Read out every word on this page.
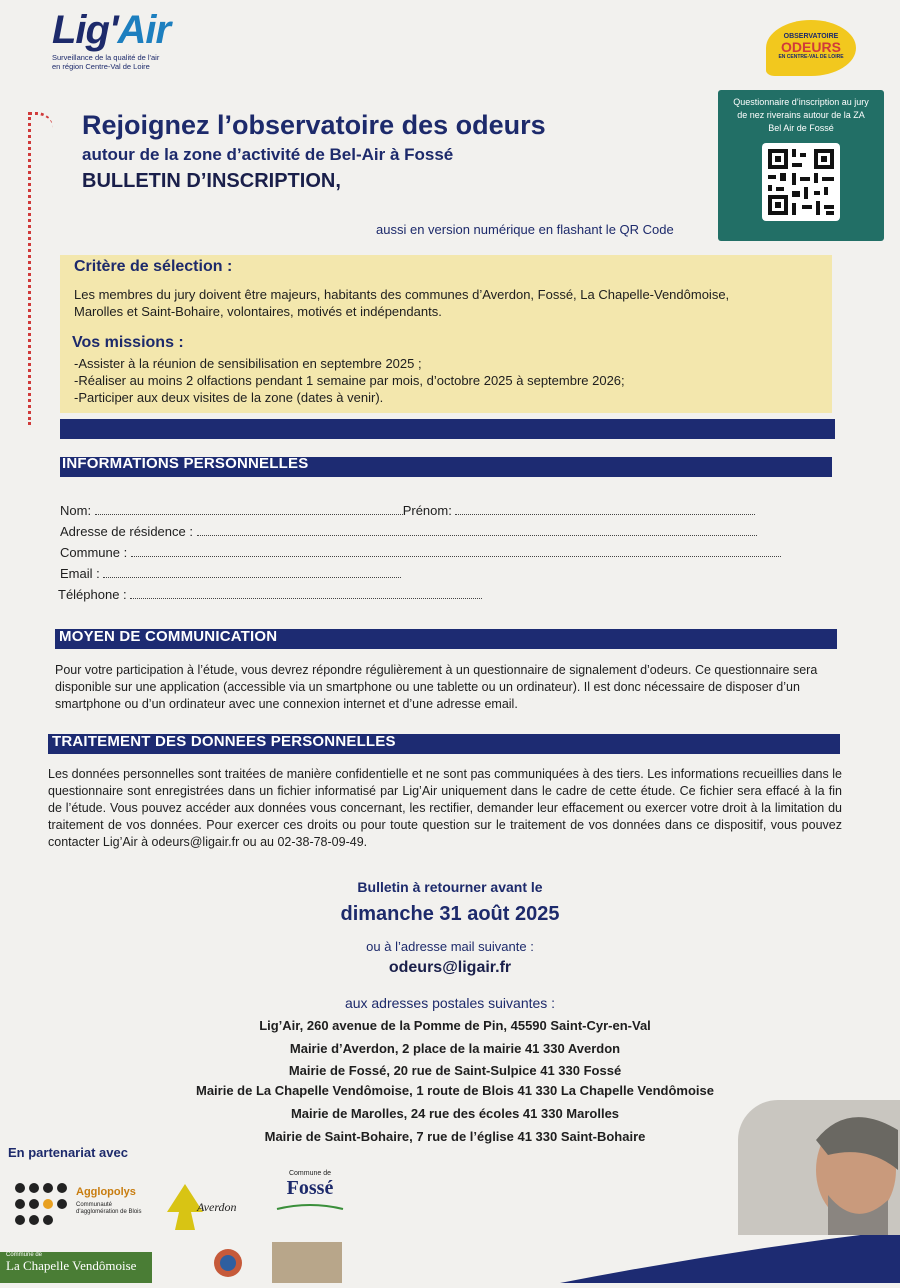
Lig'Air
Surveillance de la qualité de l'air
en région Centre-Val de Loire
OBSERVATOIRE
ODEURS
EN CENTRE-VAL DE LOIRE
Rejoignez l’observatoire des odeurs
autour de la zone d’activité de Bel-Air à Fossé
BULLETIN D’INSCRIPTION,
aussi en version numérique en flashant le QR Code
Questionnaire d’inscription au jury
de nez riverains autour de la ZA
Bel Air de Fossé
Critère de sélection :
Les membres du jury doivent être majeurs, habitants des communes d’Averdon, Fossé, La Chapelle-Vendômoise, Marolles et Saint-Bohaire, volontaires, motivés et indépendants.
Vos missions :
-Assister à la réunion de sensibilisation en septembre 2025 ;
-Réaliser au moins 2 olfactions pendant 1 semaine par mois, d’octobre 2025 à septembre 2026;
-Participer aux deux visites de la zone (dates à venir).
INFORMATIONS PERSONNELLES
Nom:	Prénom:
Adresse de résidence :
Commune :
Email :
Téléphone :
MOYEN DE COMMUNICATION
Pour votre participation à l’étude, vous devrez répondre régulièrement à un questionnaire de signalement d’odeurs. Ce questionnaire sera disponible sur une application (accessible via un smartphone ou une tablette ou un ordinateur). Il est donc nécessaire de disposer d’un smartphone ou d’un ordinateur avec une connexion internet et d’une adresse email.
TRAITEMENT DES DONNEES PERSONNELLES
Les données personnelles sont traitées de manière confidentielle et ne sont pas communiquées à des tiers. Les informations recueillies dans le questionnaire sont enregistrées dans un fichier informatisé par Lig’Air uniquement dans le cadre de cette étude. Ce fichier sera effacé à la fin de l’étude. Vous pouvez accéder aux données vous concernant, les rectifier, demander leur effacement ou exercer votre droit à la limitation du traitement de vos données. Pour exercer ces droits ou pour toute question sur le traitement de vos données dans ce dispositif, vous pouvez contacter Lig’Air à odeurs@ligair.fr ou au 02-38-78-09-49.
Bulletin à retourner avant le
dimanche 31 août 2025
ou à l’adresse mail suivante :
odeurs@ligair.fr
aux adresses postales suivantes :
Lig’Air, 260 avenue de la Pomme de Pin, 45590 Saint-Cyr-en-Val
Mairie d’Averdon, 2 place de la mairie 41 330 Averdon
Mairie de Fossé, 20 rue de Saint-Sulpice 41 330 Fossé
Mairie de La Chapelle Vendômoise, 1 route de Blois 41 330 La Chapelle Vendômoise
Mairie de Marolles, 24 rue des écoles 41 330 Marolles
Mairie de Saint-Bohaire, 7 rue de l’église 41 330 Saint-Bohaire
En partenariat avec
Agglopolys
Communauté d'agglomération de Blois	Averdon
Commune de
Fossé
Commune de
La Chapelle Vendômoise
